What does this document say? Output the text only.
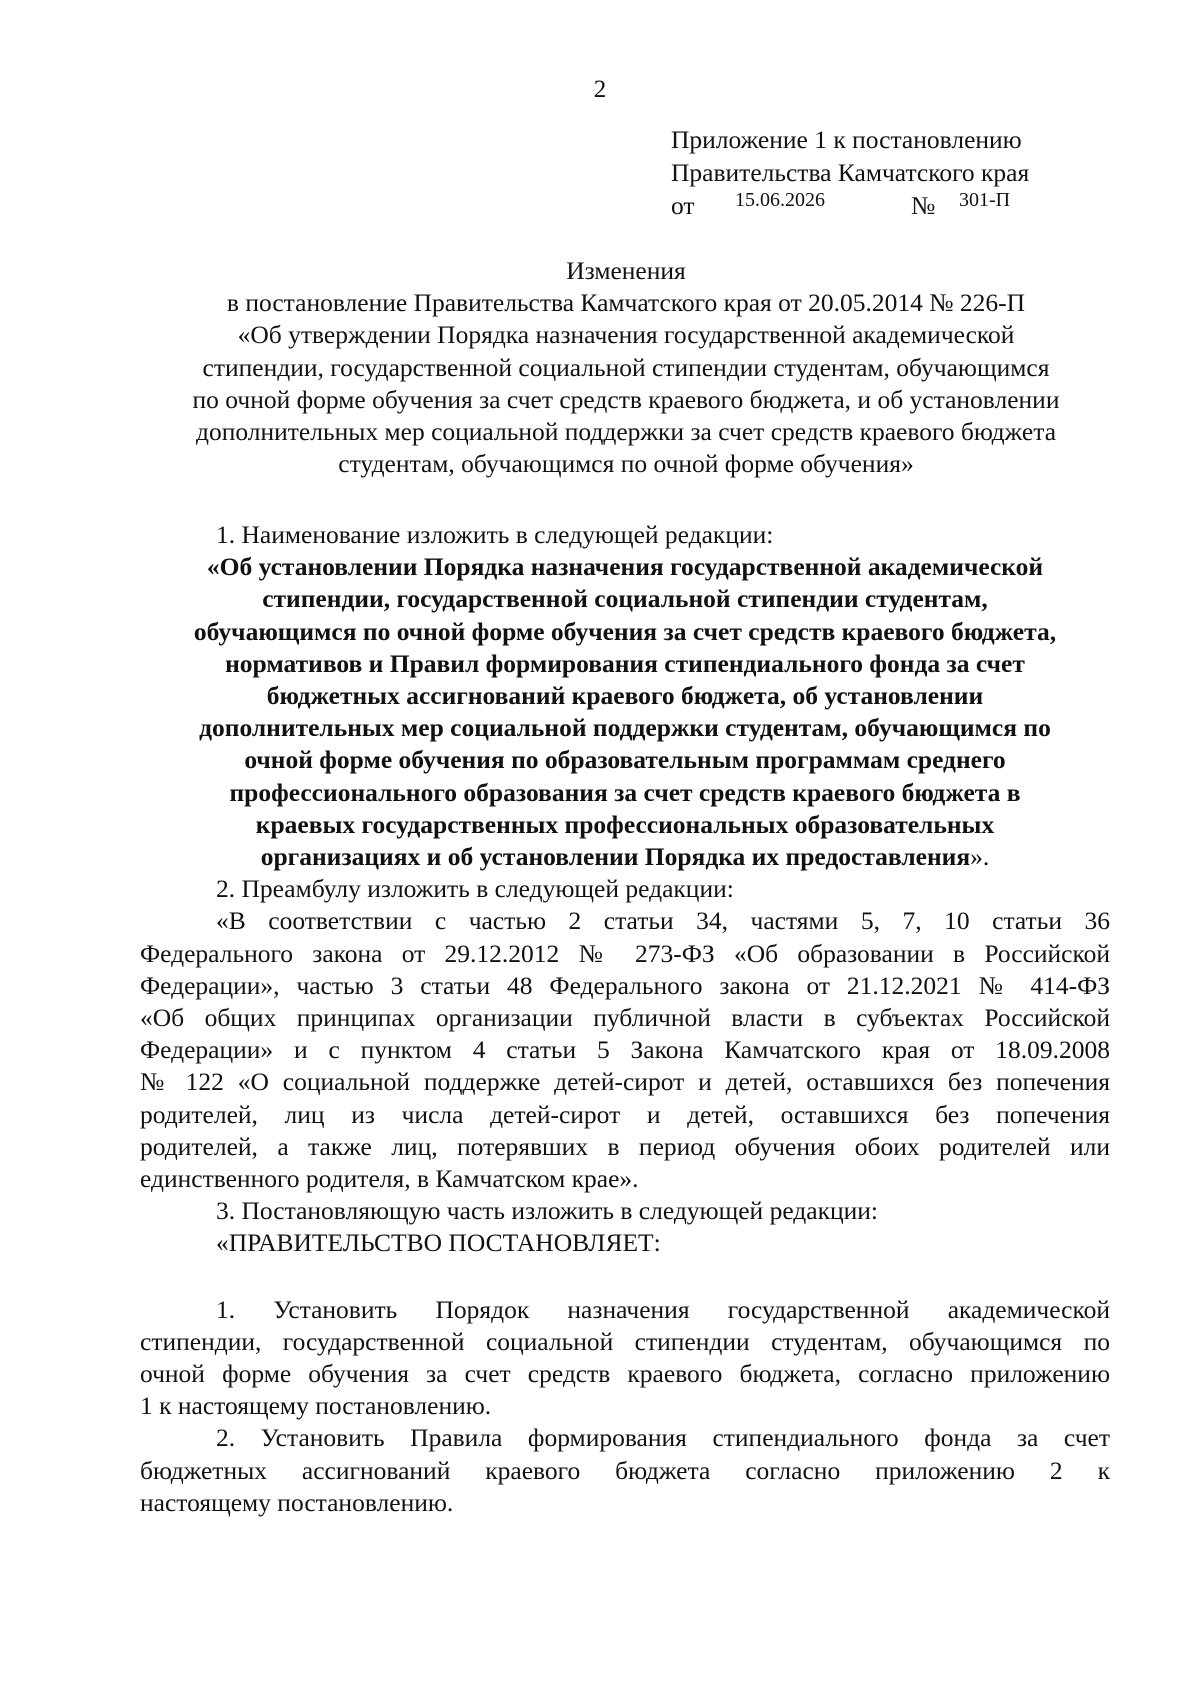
2
Приложение 1 к постановлению
Правительства Камчатского края
от 15.06.2026	№ 301-П
Изменения
в постановление Правительства Камчатского края от 20.05.2014 № 226-П
«Об утверждении Порядка назначения государственной академической
стипендии, государственной социальной стипендии студентам, обучающимся
по очной форме обучения за счет средств краевого бюджета, и об установлении
дополнительных мер социальной поддержки за счет средств краевого бюджета
студентам, обучающимся по очной форме обучения»
1. Наименование изложить в следующей редакции:
«Об установлении Порядка назначения государственной академической
стипендии, государственной социальной стипендии студентам,
обучающимся по очной форме обучения за счет средств краевого бюджета,
нормативов и Правил формирования стипендиального фонда за счет
бюджетных ассигнований краевого бюджета, об установлении
дополнительных мер социальной поддержки студентам, обучающимся по
очной форме обучения по образовательным программам среднего
профессионального образования за счет средств краевого бюджета в
краевых государственных профессиональных образовательных
организациях и об установлении Порядка их предоставления».
2. Преамбулу изложить в следующей редакции:
«В соответствии с частью 2 статьи 34, частями 5, 7, 10 статьи 36
Федерального закона от 29.12.2012 № 273-ФЗ «Об образовании в Российской
Федерации», частью 3 статьи 48 Федерального закона от 21.12.2021 № 414-ФЗ
«Об общих принципах организации публичной власти в субъектах Российской
Федерации» и с пунктом 4 статьи 5 Закона Камчатского края от 18.09.2008
№ 122 «О социальной поддержке детей-сирот и детей, оставшихся без попечения
родителей, лиц из числа детей-сирот и детей, оставшихся без попечения
родителей, а также лиц, потерявших в период обучения обоих родителей или
единственного родителя, в Камчатском крае».
3. Постановляющую часть изложить в следующей редакции:
«ПРАВИТЕЛЬСТВО ПОСТАНОВЛЯЕТ:
1. Установить Порядок назначения государственной академической
стипендии, государственной социальной стипендии студентам, обучающимся по
очной форме обучения за счет средств краевого бюджета, согласно приложению
1 к настоящему постановлению.
2. Установить Правила формирования стипендиального фонда за счет
бюджетных ассигнований краевого бюджета согласно приложению 2 к
настоящему постановлению.
